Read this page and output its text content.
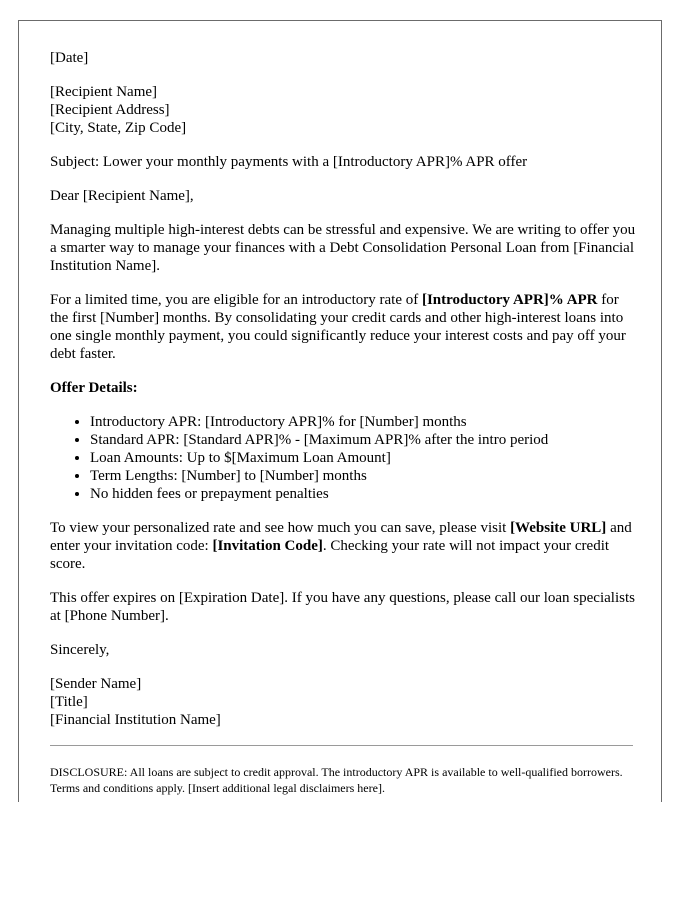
[Date]

[Recipient Name]
[Recipient Address]
[City, State, Zip Code]

Subject: Lower your monthly payments with a [Introductory APR]% APR offer

Dear [Recipient Name],

Managing multiple high-interest debts can be stressful and expensive. We are writing to offer you a smarter way to manage your finances with a Debt Consolidation Personal Loan from [Financial Institution Name].

For a limited time, you are eligible for an introductory rate of [Introductory APR]% APR for the first [Number] months. By consolidating your credit cards and other high-interest loans into one single monthly payment, you could significantly reduce your interest costs and pay off your debt faster.

Offer Details:

• Introductory APR: [Introductory APR]% for [Number] months
• Standard APR: [Standard APR]% - [Maximum APR]% after the intro period
• Loan Amounts: Up to $[Maximum Loan Amount]
• Term Lengths: [Number] to [Number] months
• No hidden fees or prepayment penalties

To view your personalized rate and see how much you can save, please visit [Website URL] and enter your invitation code: [Invitation Code]. Checking your rate will not impact your credit score.

This offer expires on [Expiration Date]. If you have any questions, please call our loan specialists at [Phone Number].

Sincerely,

[Sender Name]
[Title]
[Financial Institution Name]

DISCLOSURE: All loans are subject to credit approval. The introductory APR is available to well-qualified borrowers. Terms and conditions apply. [Insert additional legal disclaimers here].
